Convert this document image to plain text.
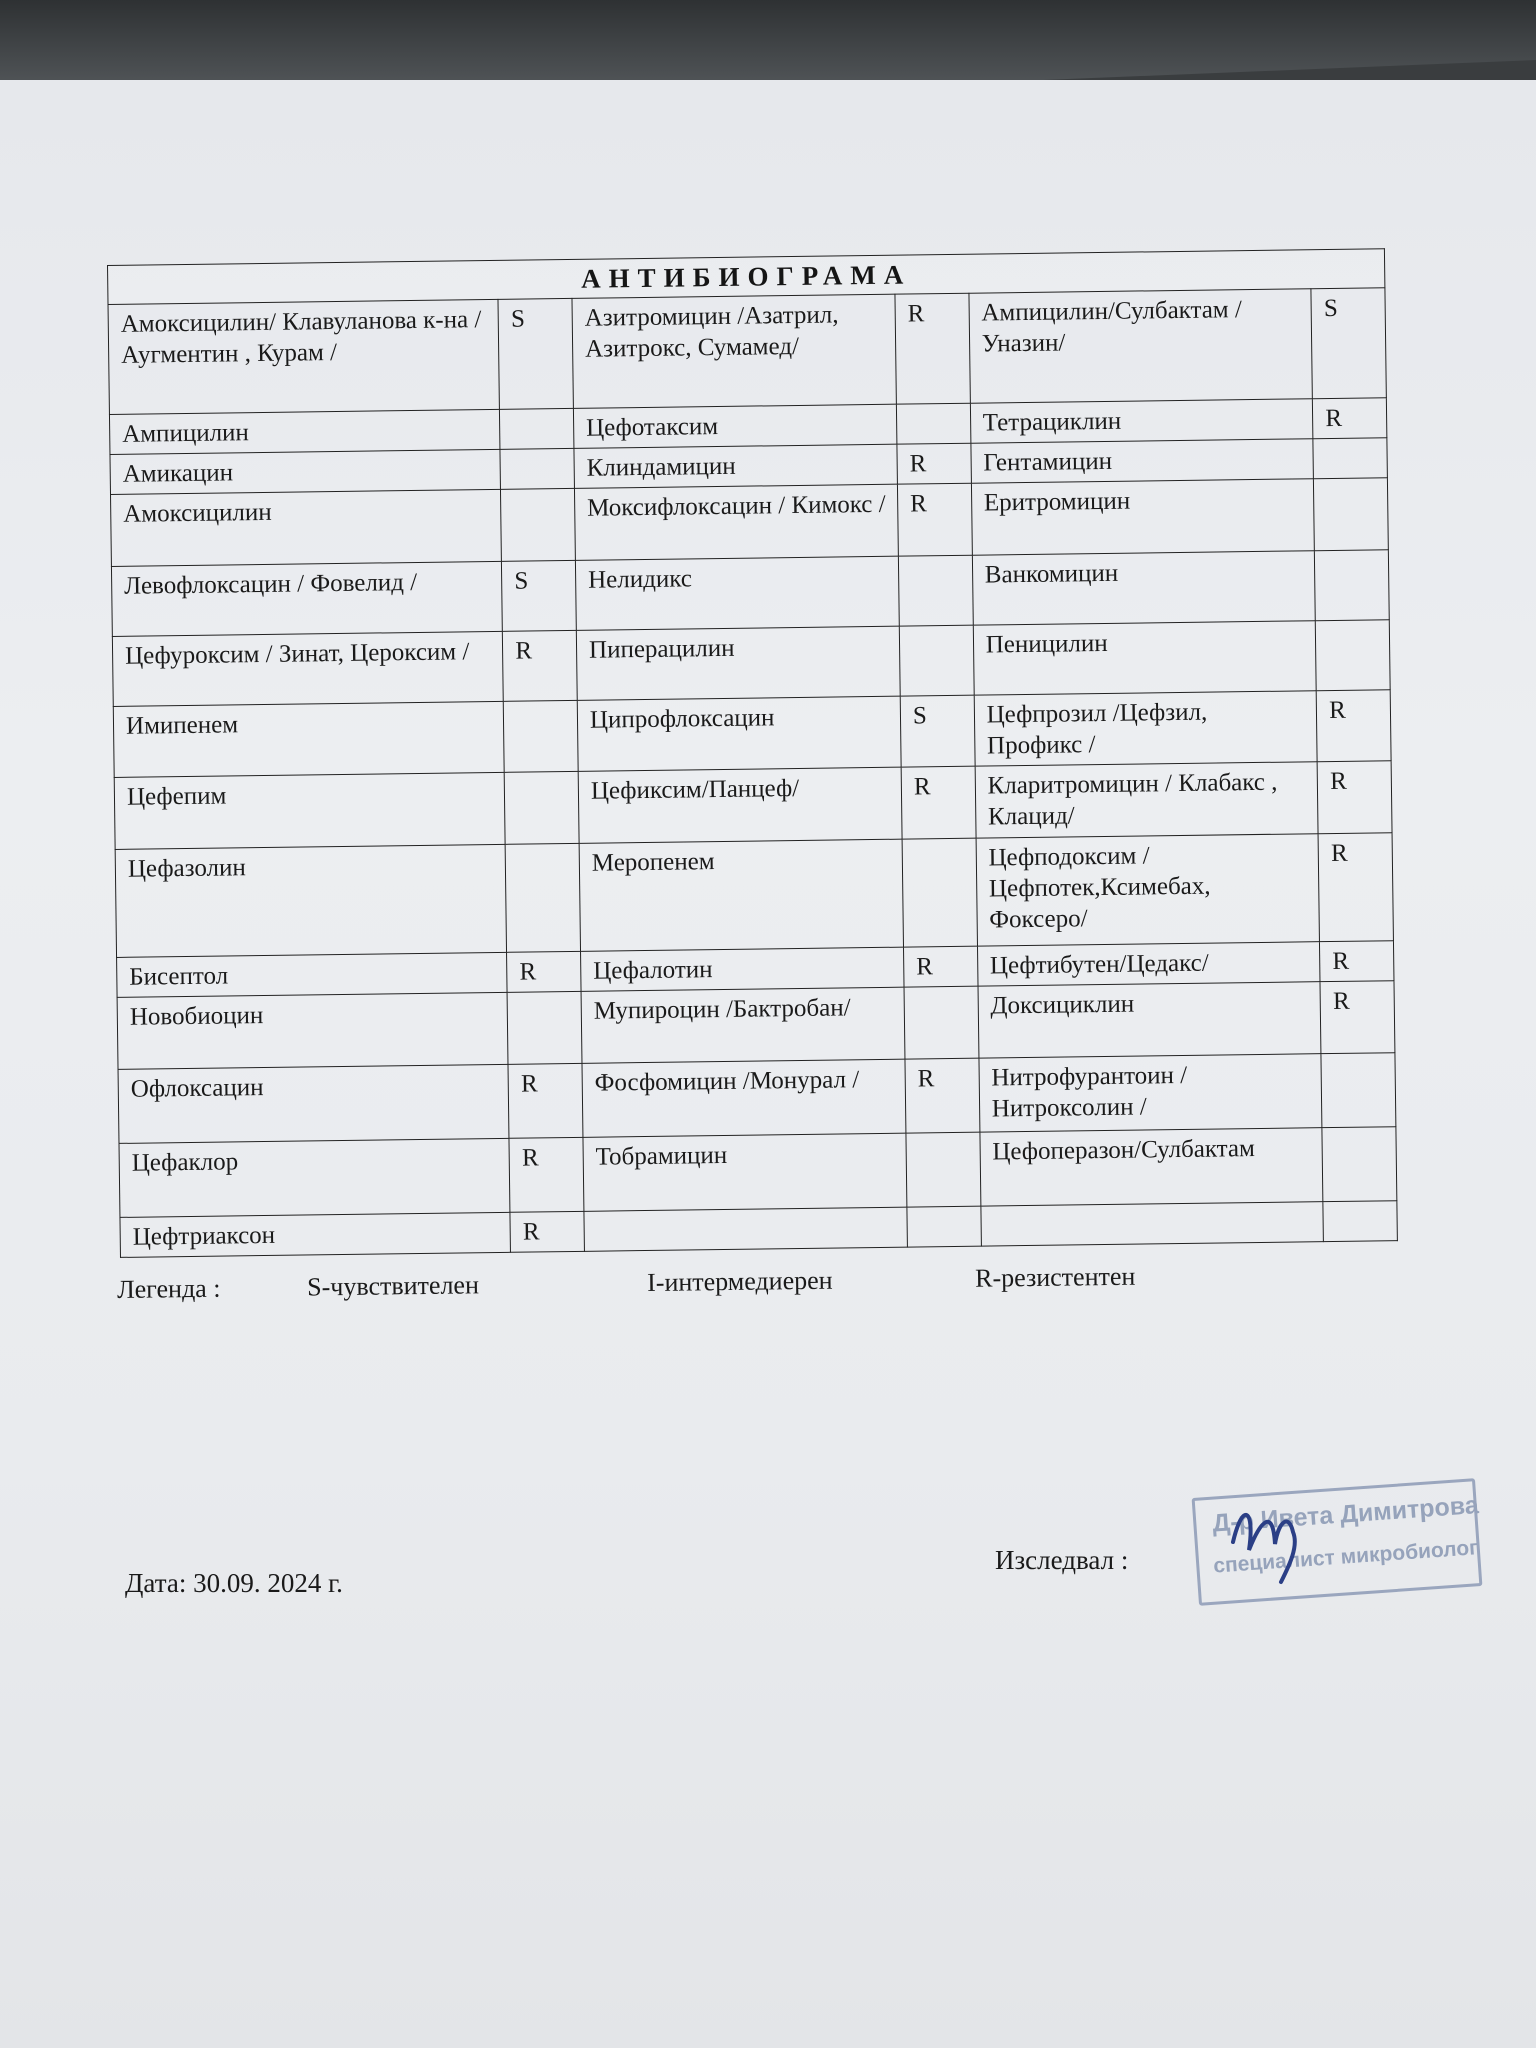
АНТИБИОГРАМА
Амоксицилин/ Клавуланова к-на /Аугментин , Курам /	S	Азитромицин /Азатрил, Азитрокс, Сумамед/	R	Ампицилин/Сулбактам /Уназин/	S
Ампицилин		Цефотаксим		Тетрациклин	R
Амикацин		Клиндамицин	R	Гентамицин	
Амоксицилин		Моксифлоксацин / Кимокс /	R	Еритромицин	
Левофлоксацин / Фовелид /	S	Нелидикс		Ванкомицин	
Цефуроксим / Зинат, Цероксим /	R	Пиперацилин		Пеницилин	
Имипенем		Ципрофлоксацин	S	Цефпрозил /Цефзил, Профикс /	R
Цефепим		Цефиксим/Панцеф/	R	Кларитромицин / Клабакс , Клацид/	R
Цефазолин		Меропенем		Цефподоксим /Цефпотек,Ксимебах, Фоксеро/	R
Бисептол	R	Цефалотин	R	Цефтибутен/Цедакс/	R
Новобиоцин		Мупироцин /Бактробан/		Доксициклин	R
Офлоксацин	R	Фосфомицин /Монурал /	R	Нитрофурантоин / Нитроксолин /	
Цефаклор	R	Тобрамицин		Цефоперазон/Сулбактам	
Цефтриаксон	R				
Легенда :	S-чувствителен	I-интермедиерен	R-резистентен
Изследвал :
Дата: 30.09. 2024 г.
Д-р Ивета Димитрова
специалист микробиолог
